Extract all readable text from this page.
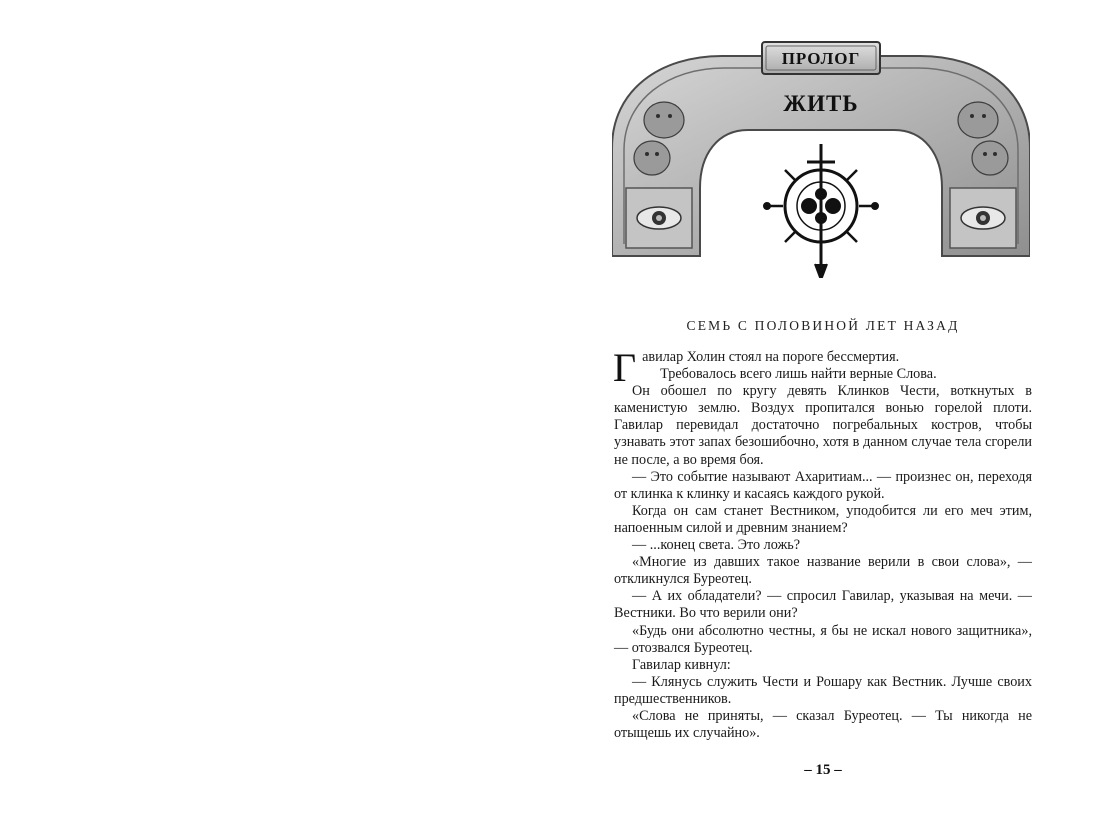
ПРОЛОГ
ЖИТЬ
СЕМЬ С ПОЛОВИНОЙ ЛЕТ НАЗАД

Гавилар Холин стоял на пороге бессмертия.

Требовалось всего лишь найти верные Слова.

Он обошел по кругу девять Клинков Чести, воткнутых в каменистую землю. Воздух пропитался вонью горелой плоти. Гавилар перевидал достаточно погребальных костров, чтобы узнавать этот запах безошибочно, хотя в данном случае тела сгорели не после, а во время боя.

— Это событие называют Ахаритиам... — произнес он, переходя от клинка к клинку и касаясь каждого рукой.

Когда он сам станет Вестником, уподобится ли его меч этим, напоенным силой и древним знанием?

— ...конец света. Это ложь?

«Многие из давших такое название верили в свои слова», — откликнулся Буреотец.

— А их обладатели? — спросил Гавилар, указывая на мечи. — Вестники. Во что верили они?

«Будь они абсолютно честны, я бы не искал нового защитника», — отозвался Буреотец.

Гавилар кивнул:

— Клянусь служить Чести и Рошару как Вестник. Лучше своих предшественников.

«Слова не приняты, — сказал Буреотец. — Ты никогда не отыщешь их случайно».

– 15 –
